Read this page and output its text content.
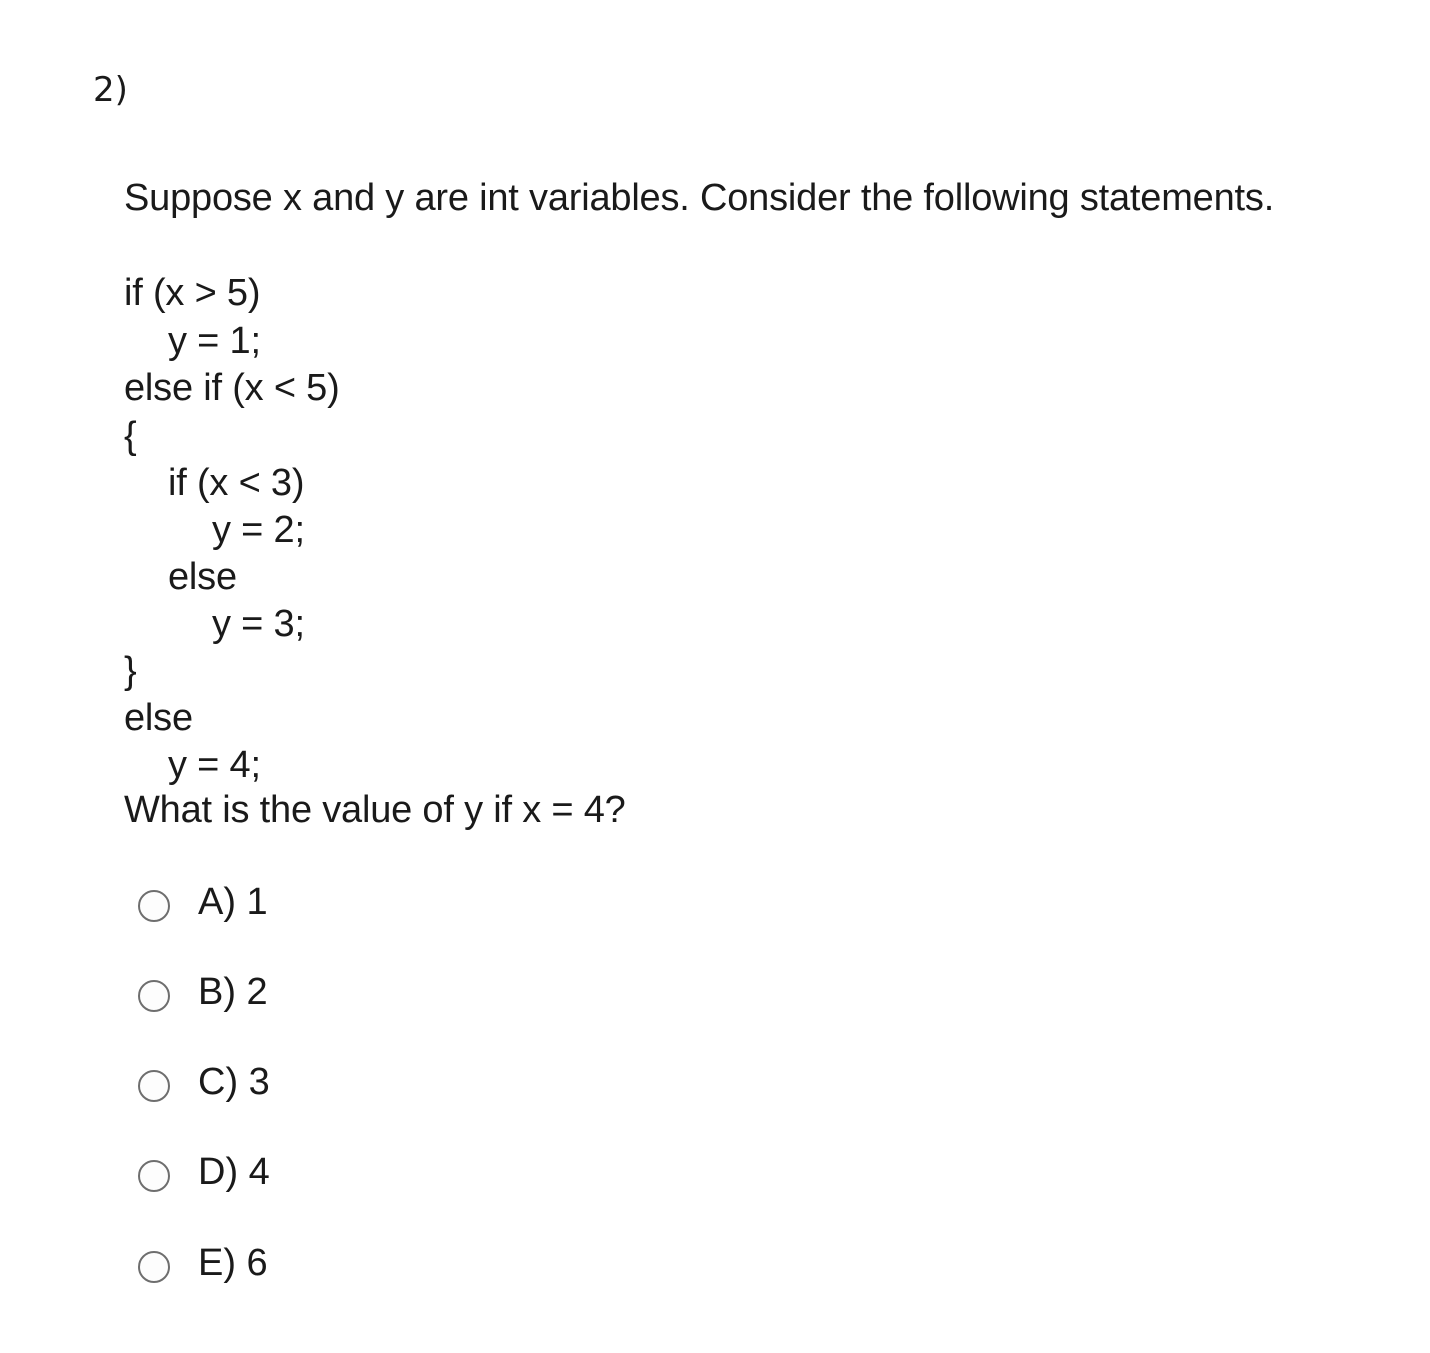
2)
Suppose x and y are int variables. Consider the following statements.
if (x > 5)
y = 1;
else if (x < 5)
{
if (x < 3)
y = 2;
else
y = 3;
}
else
y = 4;
What is the value of y if x = 4?
A) 1
B) 2
C) 3
D) 4
E) 6
